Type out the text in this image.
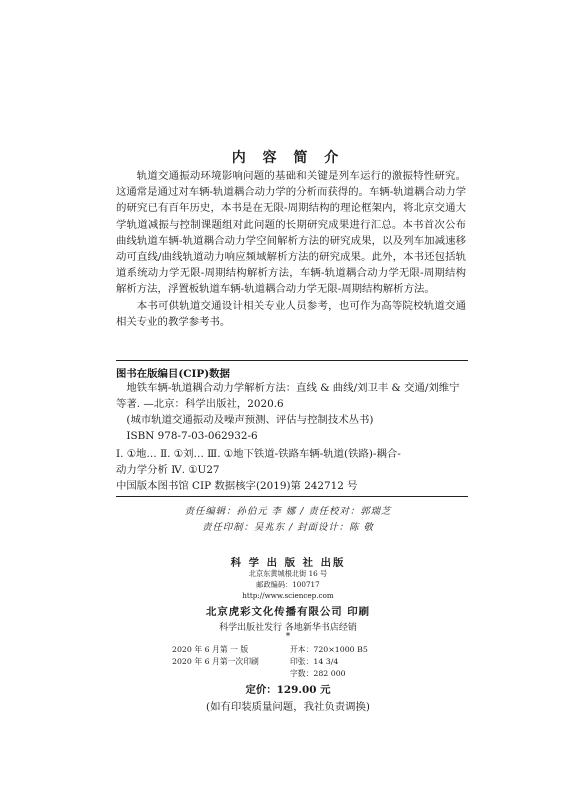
内 容 简 介

轨道交通振动环境影响问题的基础和关键是列车运行的激振特性研究。这通常是通过对车辆-轨道耦合动力学的分析而获得的。车辆-轨道耦合动力学的研究已有百年历史，本书是在无限-周期结构的理论框架内，将北京交通大学轨道减振与控制课题组对此问题的长期研究成果进行汇总。本书首次公布曲线轨道车辆-轨道耦合动力学空间解析方法的研究成果，以及列车加减速移动可直线/曲线轨道动力响应频域解析方法的研究成果。此外，本书还包括轨道系统动力学无限-周期结构解析方法，车辆-轨道耦合动力学无限-周期结构解析方法，浮置板轨道车辆-轨道耦合动力学无限-周期结构解析方法。

本书可供轨道交通设计相关专业人员参考，也可作为高等院校轨道交通相关专业的教学参考书。

图书在版编目(CIP)数据
地铁车辆-轨道耦合动力学解析方法：直线 & 曲线/刘卫丰 & 交通/刘维宁
等著. —北京：科学出版社，2020.6
(城市轨道交通振动及噪声预测、评估与控制技术丛书)
ISBN 978-7-03-062932-6
Ⅰ. ①地… Ⅱ. ①刘… Ⅲ. ①地下铁道-铁路车辆-轨道(铁路)-耦合-
动力学分析 Ⅳ. ①U27
中国版本图书馆 CIP 数据核字(2019)第 242712 号
责任编辑：孙伯元 李 娜 / 责任校对：郭瑞芝
责任印制：吴兆东 / 封面设计：陈 敬
科 学 出 版 社 出版
北京东黄城根北街 16 号
邮政编码：100717
http://www.sciencep.com
北京虎彩文化传播有限公司 印刷
科学出版社发行 各地新华书店经销
*
2020 年 6 月第 一 版	开本：720×1000 B5
2020 年 6 月第一次印刷	印张：14 3/4
字数：282 000
定价：129.00 元
(如有印装质量问题，我社负责调换)
